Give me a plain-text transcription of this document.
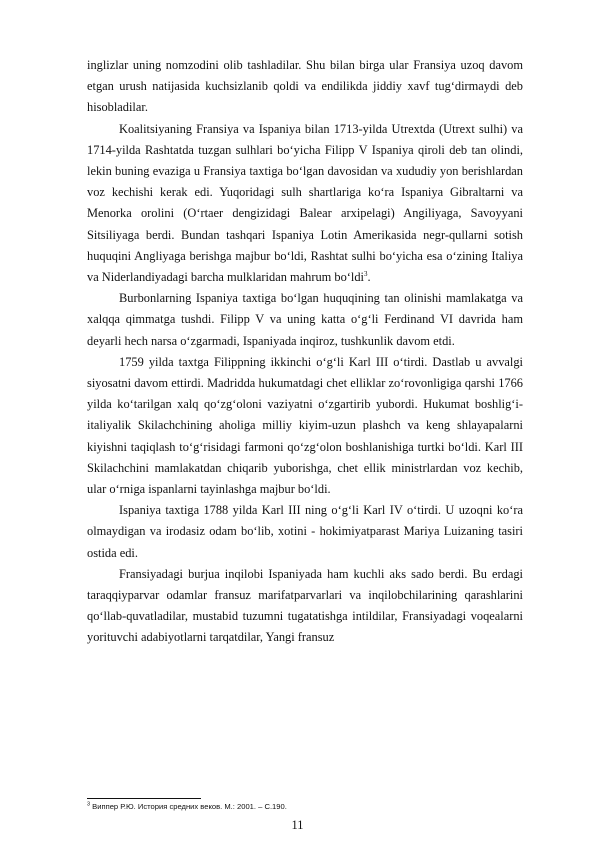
inglizlar uning nomzodini olib tashladilar. Shu bilan birga ular Fransiya uzoq davom etgan urush natijasida kuchsizlanib qoldi va endilikda jiddiy xavf tug‘dirmaydi deb hisobladilar.

Koalitsiyaning Fransiya va Ispaniya bilan 1713-yilda Utrextda (Utrext sulhi) va 1714-yilda Rashtatda tuzgan sulhlari bo‘yicha Filipp V Ispaniya qiroli deb tan olindi, lekin buning evaziga u Fransiya taxtiga bo‘lgan davosidan va xududiy yon berishlardan voz kechishi kerak edi. Yuqoridagi sulh shartlariga ko‘ra Ispaniya Gibraltarni va Menorka orolini (O‘rtaer dengizidagi Balear arxipelagi) Angiliyaga, Savoyyani Sitsiliyaga berdi. Bundan tashqari Ispaniya Lotin Amerikasida negr-qullarni sotish huquqini Angliyaga berishga majbur bo‘ldi, Rashtat sulhi bo‘yicha esa o‘zining Italiya va Niderlandiyadagi barcha mulklaridan mahrum bo‘ldi$^3$.

Burbonlarning Ispaniya taxtiga bo‘lgan huquqining tan olinishi mamlakatga va xalqqa qimmatga tushdi. Filipp V va uning katta o‘g‘li Ferdinand VI davrida ham deyarli hech narsa o‘zgarmadi, Ispaniyada inqiroz, tushkunlik davom etdi.

1759 yilda taxtga Filippning ikkinchi o‘g‘li Karl III o‘tirdi. Dastlab u avvalgi siyosatni davom ettirdi. Madridda hukumatdagi chet elliklar zo‘rovonligiga qarshi 1766 yilda ko‘tarilgan xalq qo‘zg‘oloni vaziyatni o‘zgartirib yubordi. Hukumat boshlig‘i-italiyalik Skilachchining aholiga milliy kiyim-uzun plashch va keng shlayapalarni kiyishni taqiqlash to‘g‘risidagi farmoni qo‘zg‘olon boshlanishiga turtki bo‘ldi. Karl III Skilachchini mamlakatdan chiqarib yuborishga, chet ellik ministrlardan voz kechib, ular o‘rniga ispanlarni tayinlashga majbur bo‘ldi.

Ispaniya taxtiga 1788 yilda Karl III ning o‘g‘li Karl IV o‘tirdi. U uzoqni ko‘ra olmaydigan va irodasiz odam bo‘lib, xotini - hokimiyatparast Mariya Luizaning tasiri ostida edi.

Fransiyadagi burjua inqilobi Ispaniyada ham kuchli aks sado berdi. Bu erdagi taraqqiyparvar odamlar fransuz marifatparvarlari va inqilobchilarining qarashlarini qo‘llab-quvatladilar, mustabid tuzumni tugatatishga intildilar, Fransiyadagi voqealarni yorituvchi adabiyotlarni tarqatdilar, Yangi fransuz

$^3$ Виппер Р.Ю. История средних веков. М.: 2001. – С.190.
11
